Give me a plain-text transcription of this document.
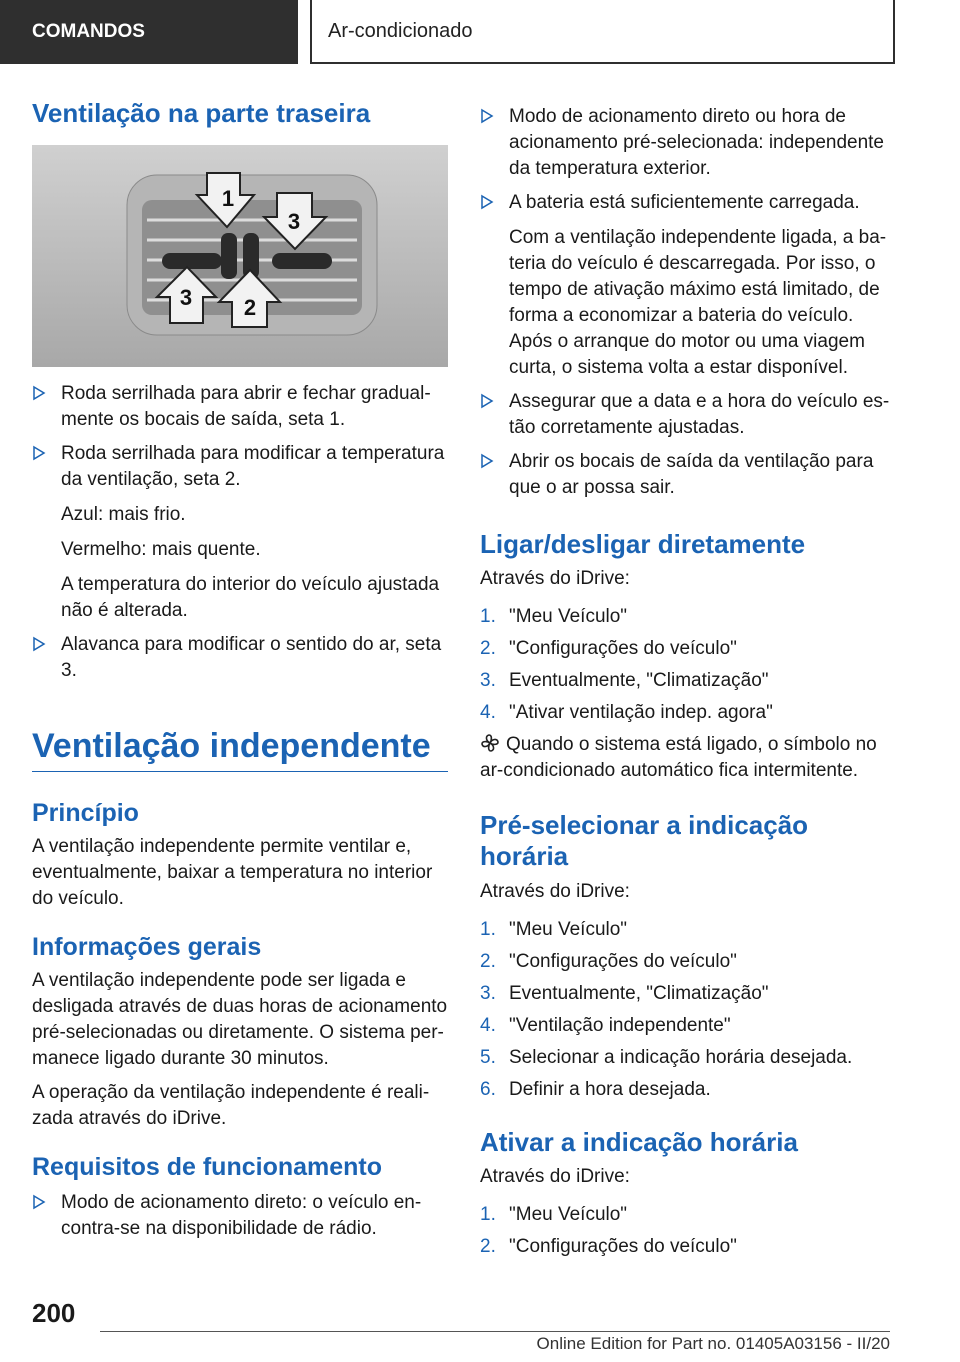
COMANDOS	Ar-condicionado
Ventilação na parte traseira
1
3
3 2
Roda serrilhada para abrir e fechar gradual-mente os bocais de saída, seta 1.
Roda serrilhada para modificar a temperatura da ventilação, seta 2.

Azul: mais frio.

Vermelho: mais quente.

A temperatura do interior do veículo ajustada não é alterada.

Alavanca para modificar o sentido do ar, seta 3.
Ventilação independente
Princípio

A ventilação independente permite ventilar e, eventualmente, baixar a temperatura no interior do veículo.

Informações gerais

A ventilação independente pode ser ligada e desligada através de duas horas de acionamento pré-selecionadas ou diretamente. O sistema per-manece ligado durante 30 minutos.

A operação da ventilação independente é reali-zada através do iDrive.

Requisitos de funcionamento
Modo de acionamento direto: o veículo en-contra-se na disponibilidade de rádio.
Modo de acionamento direto ou hora de acionamento pré-selecionada: independente da temperatura exterior.
A bateria está suficientemente carregada.

Com a ventilação independente ligada, a ba-teria do veículo é descarregada. Por isso, o tempo de ativação máximo está limitado, de forma a economizar a bateria do veículo. Após o arranque do motor ou uma viagem curta, o sistema volta a estar disponível.

Assegurar que a data e a hora do veículo es-tão corretamente ajustadas.
Abrir os bocais de saída da ventilação para que o ar possa sair.
Ligar/desligar diretamente

Através do iDrive:

1. "Meu Veículo"
2. "Configurações do veículo"
3. Eventualmente, "Climatização"
4. "Ativar ventilação indep. agora"

Quando o sistema está ligado, o símbolo no ar-condicionado automático fica intermitente.

Pré-selecionar a indicação horária

Através do iDrive:

1. "Meu Veículo"
2. "Configurações do veículo"
3. Eventualmente, "Climatização"
4. "Ventilação independente"
5. Selecionar a indicação horária desejada.
6. Definir a hora desejada.
Ativar a indicação horária

Através do iDrive:

1. "Meu Veículo"
2. "Configurações do veículo"
200
Online Edition for Part no. 01405A03156 - II/20
